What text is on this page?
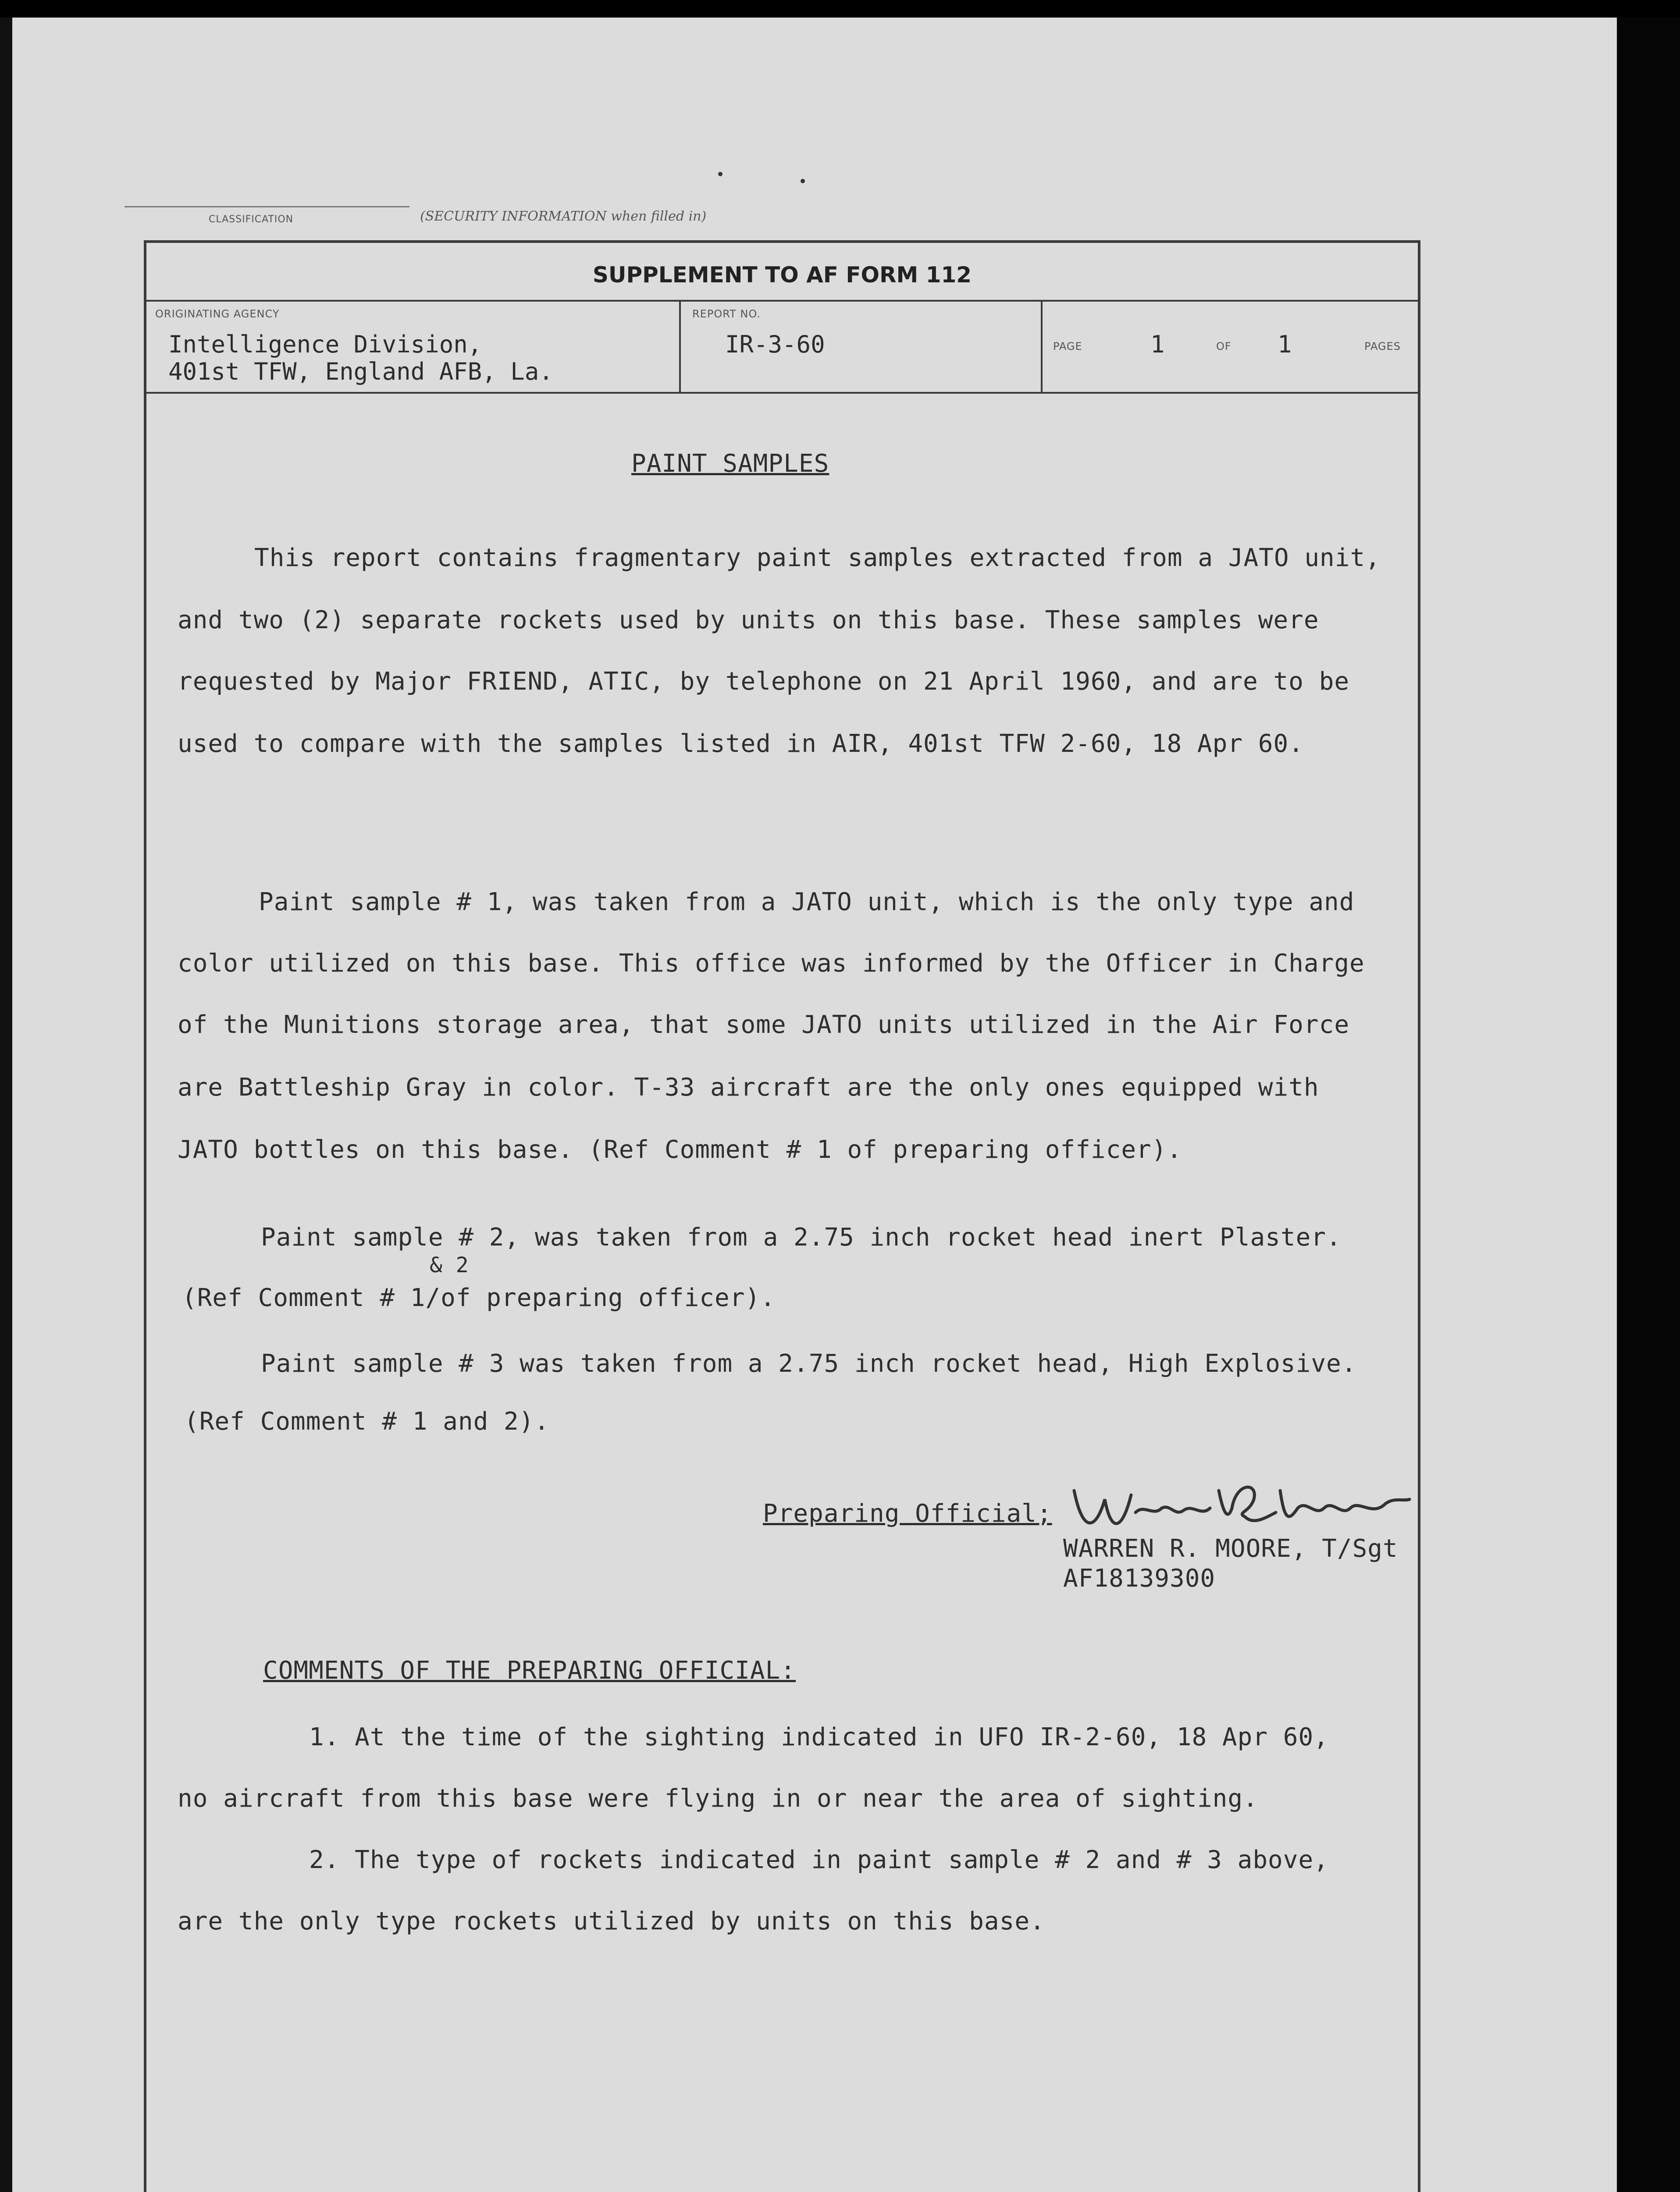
CLASSIFICATION	(SECURITY INFORMATION when filled in)
SUPPLEMENT TO AF FORM 112
ORIGINATING AGENCY
Intelligence Division,
401st TFW, England AFB, La.
REPORT NO.
IR-3-60	PAGE	1	OF 1	PAGES
PAINT SAMPLES
This report contains fragmentary paint samples extracted from a JATO unit,
and two (2) separate rockets used by units on this base. These samples were
requested by Major FRIEND, ATIC, by telephone on 21 April 1960, and are to be
used to compare with the samples listed in AIR, 401st TFW 2-60, 18 Apr 60.
Paint sample # 1, was taken from a JATO unit, which is the only type and
color utilized on this base. This office was informed by the Officer in Charge
of the Munitions storage area, that some JATO units utilized in the Air Force
are Battleship Gray in color. T-33 aircraft are the only ones equipped with
JATO bottles on this base. (Ref Comment # 1 of preparing officer).
Paint sample # 2, was taken from a 2.75 inch rocket head inert Plaster.
& 2
(Ref Comment # 1/of preparing officer).
Paint sample # 3 was taken from a 2.75 inch rocket head, High Explosive.
(Ref Comment # 1 and 2).
Preparing Official;
WARREN R. MOORE, T/Sgt
AF18139300
COMMENTS OF THE PREPARING OFFICIAL:
1. At the time of the sighting indicated in UFO IR-2-60, 18 Apr 60,
no aircraft from this base were flying in or near the area of sighting.
2. The type of rockets indicated in paint sample # 2 and # 3 above,
are the only type rockets utilized by units on this base.
